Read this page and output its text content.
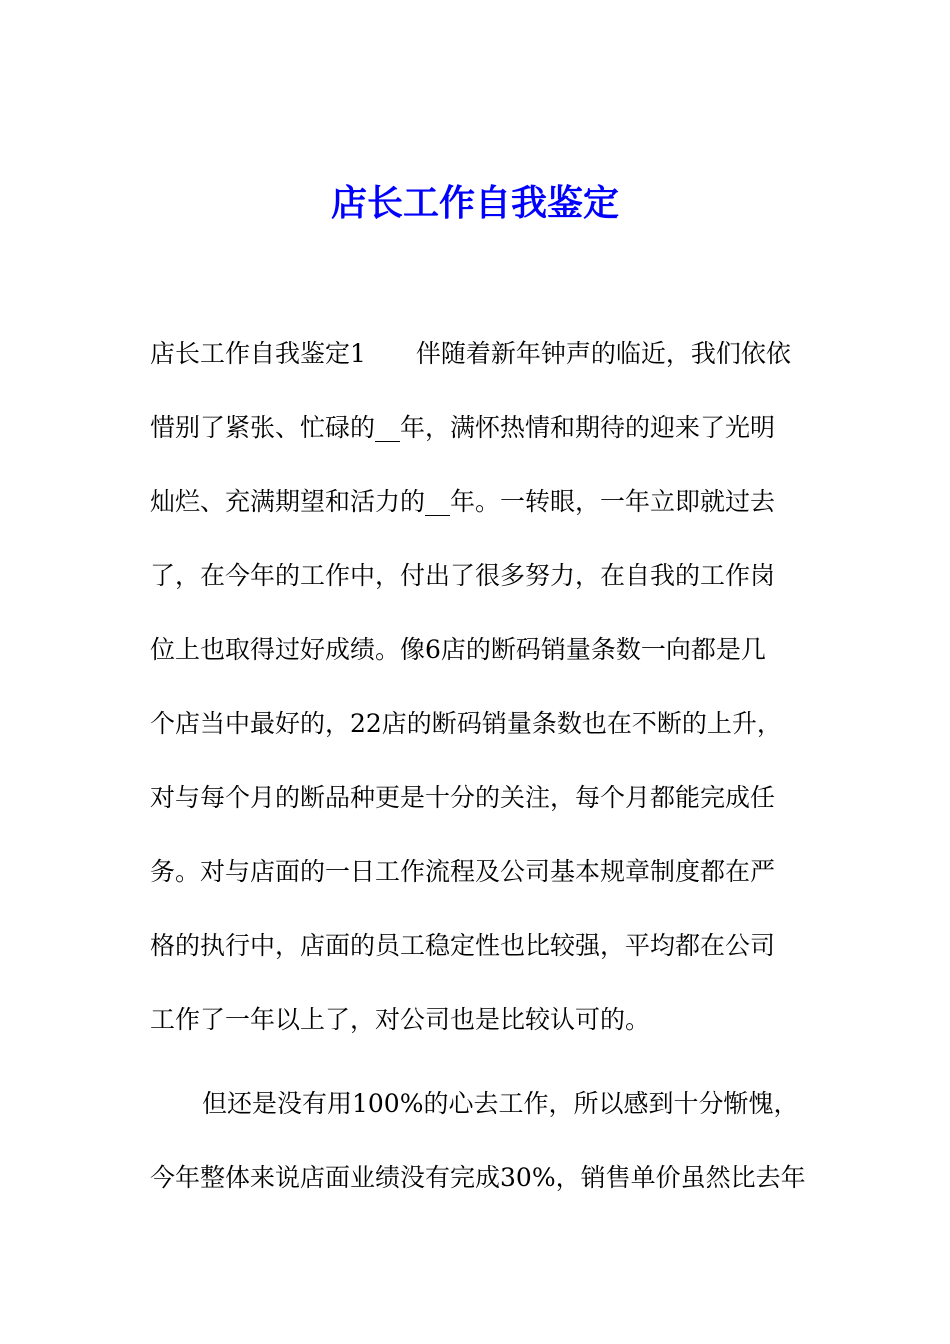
店长工作自我鉴定
店长工作自我鉴定1 伴随着新年钟声的临近，我们依依
惜别了紧张、忙碌的__年，满怀热情和期待的迎来了光明
灿烂、充满期望和活力的__年。一转眼，一年立即就过去
了，在今年的工作中，付出了很多努力，在自我的工作岗
位上也取得过好成绩。像6店的断码销量条数一向都是几
个店当中最好的，22店的断码销量条数也在不断的上升，
对与每个月的断品种更是十分的关注，每个月都能完成任
务。对与店面的一日工作流程及公司基本规章制度都在严
格的执行中，店面的员工稳定性也比较强，平均都在公司
工作了一年以上了，对公司也是比较认可的。
但还是没有用100%的心去工作，所以感到十分惭愧，
今年整体来说店面业绩没有完成30%，销售单价虽然比去年
